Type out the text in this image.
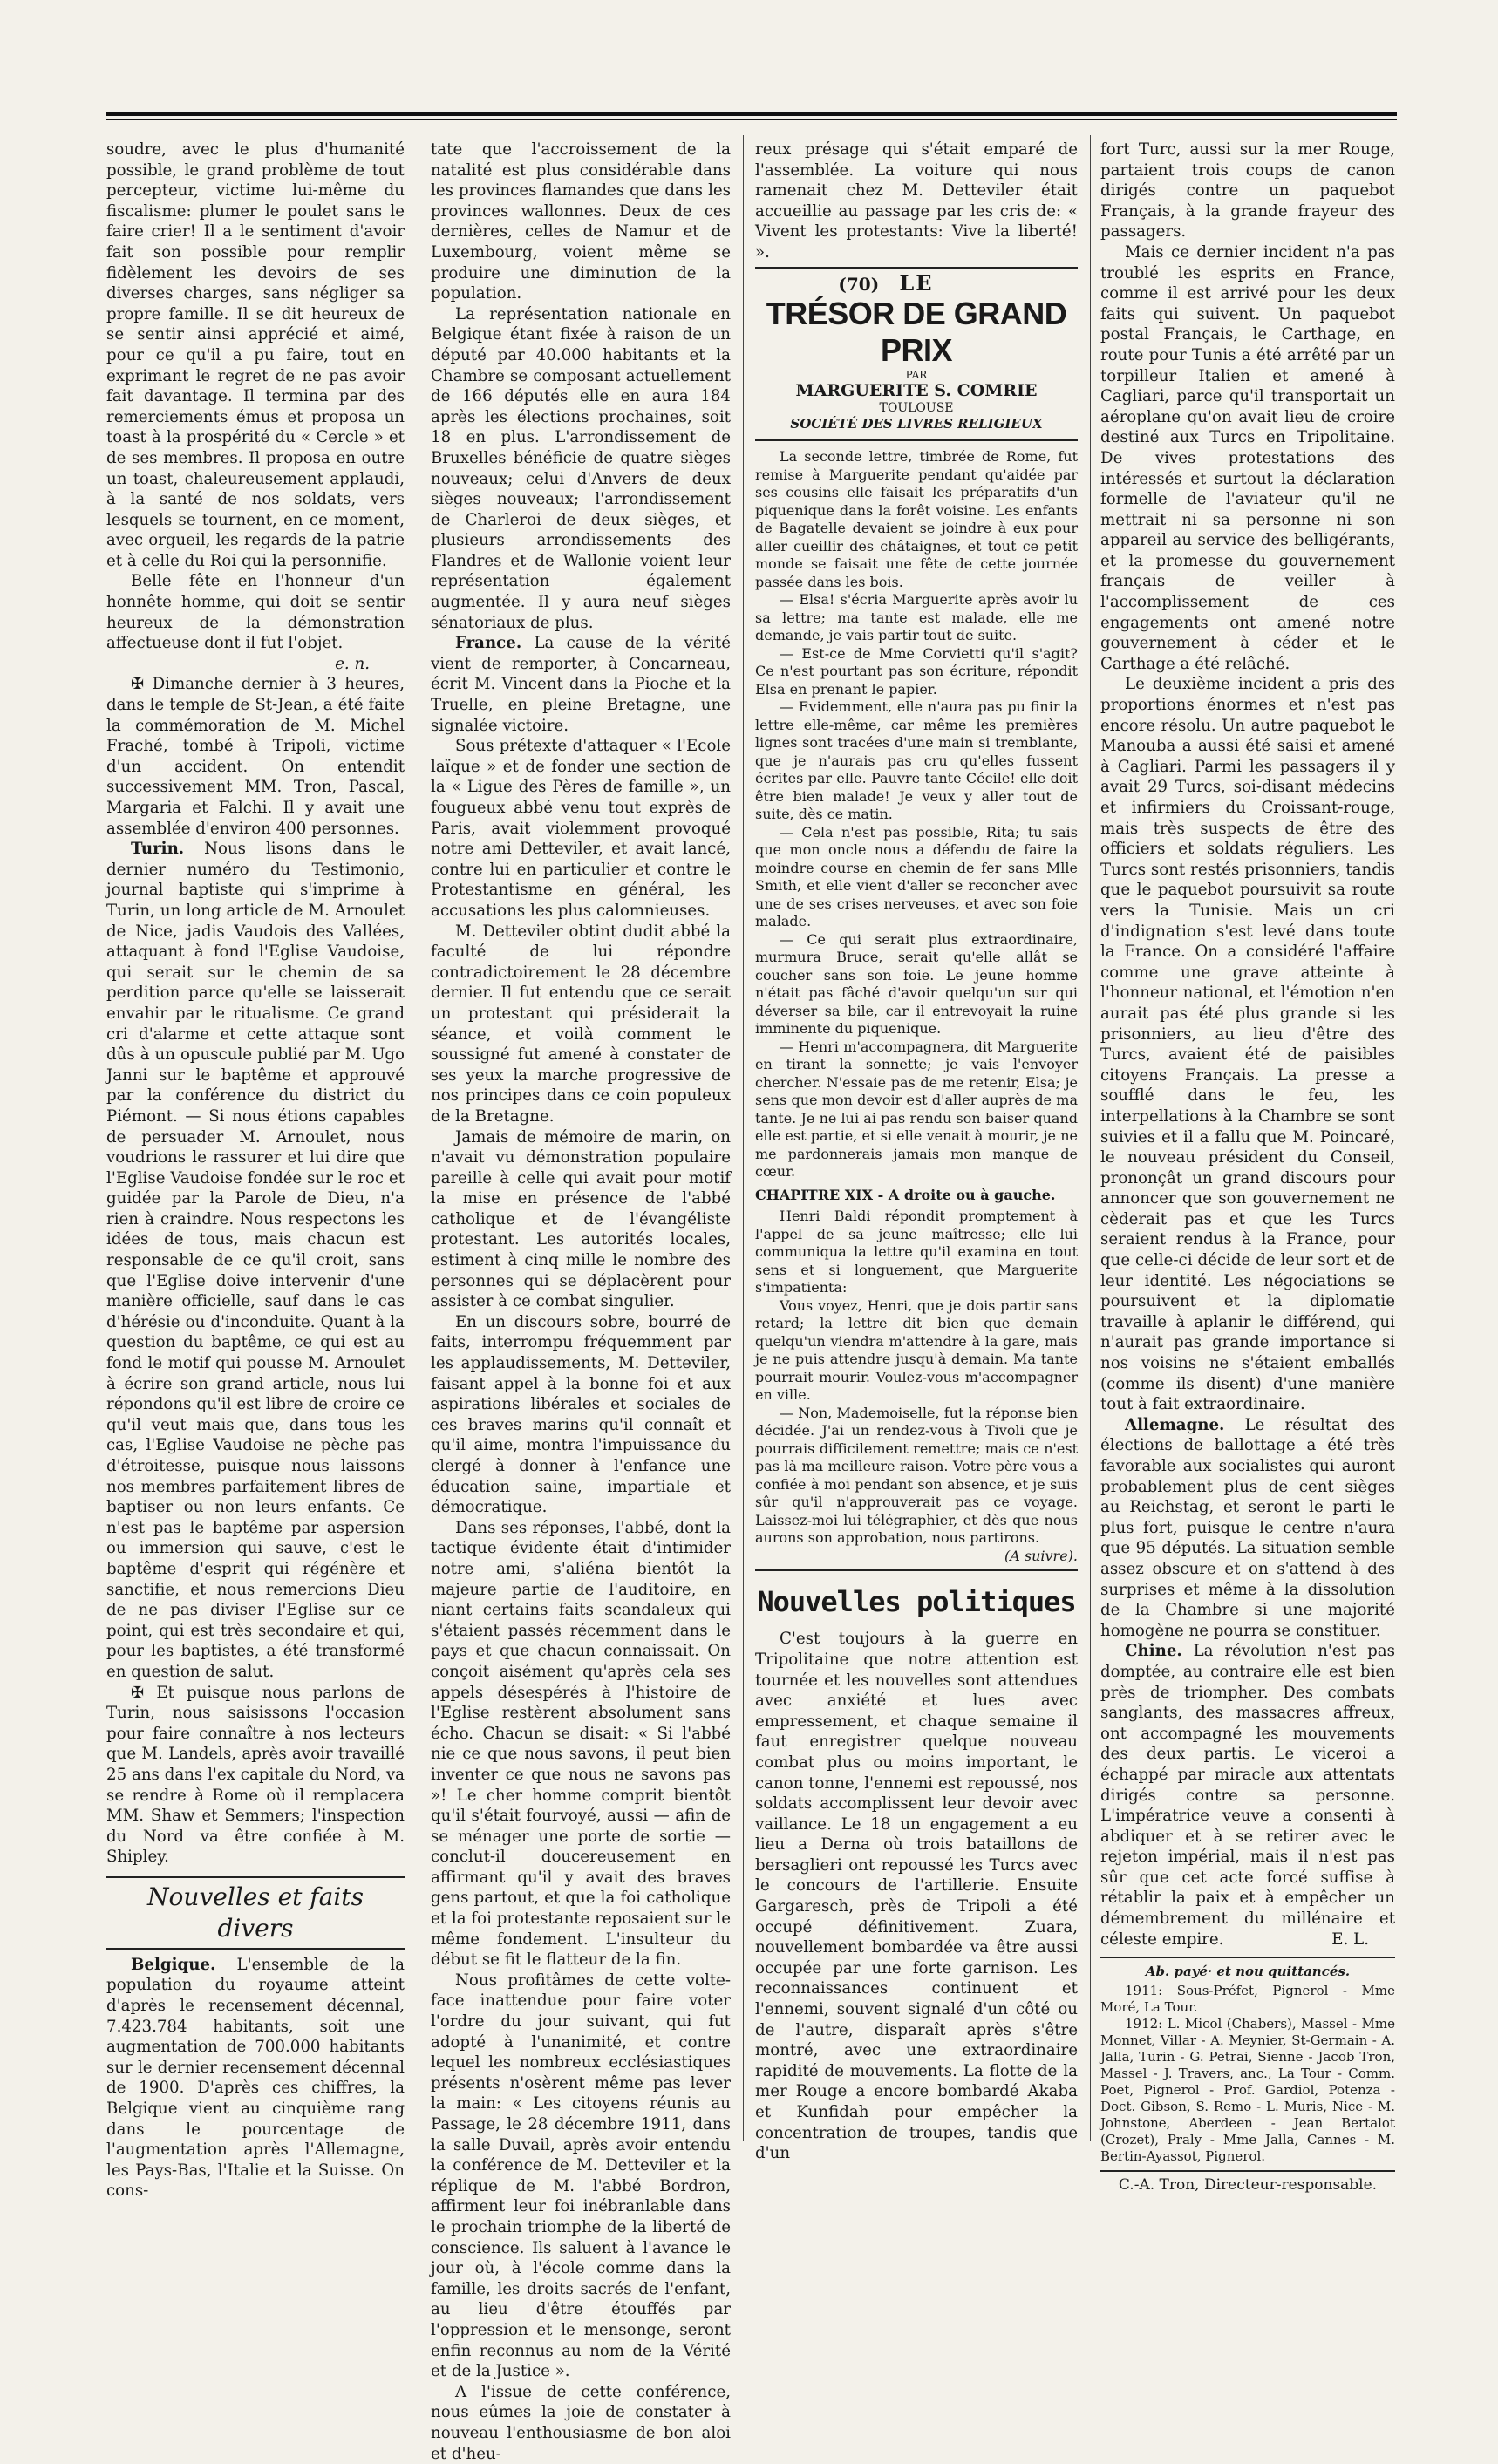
soudre, avec le plus d'humanité possible, le grand problème de tout percepteur, victime lui-même du fiscalisme: plumer le poulet sans le faire crier! Il a le sentiment d'avoir fait son possible pour remplir fidèlement les devoirs de ses diverses charges, sans négliger sa propre famille. Il se dit heureux de se sentir ainsi apprécié et aimé, pour ce qu'il a pu faire, tout en exprimant le regret de ne pas avoir fait davantage. Il termina par des remerciements émus et proposa un toast à la prospérité du « Cercle » et de ses membres. Il proposa en outre un toast, chaleureusement applaudi, à la santé de nos soldats, vers lesquels se tournent, en ce moment, avec orgueil, les regards de la patrie et à celle du Roi qui la personnifie.

Belle fête en l'honneur d'un honnête homme, qui doit se sentir heureux de la démonstration affectueuse dont il fut l'objet.
e. n.

✠ Dimanche dernier à 3 heures, dans le temple de St-Jean, a été faite la commémoration de M. Michel Fraché, tombé à Tripoli, victime d'un accident. On entendit successivement MM. Tron, Pascal, Margaria et Falchi. Il y avait une assemblée d'environ 400 personnes.

Turin. Nous lisons dans le dernier numéro du Testimonio, journal baptiste qui s'imprime à Turin, un long article de M. Arnoulet de Nice, jadis Vaudois des Vallées, attaquant à fond l'Eglise Vaudoise, qui serait sur le chemin de sa perdition parce qu'elle se laisserait envahir par le ritualisme. Ce grand cri d'alarme et cette attaque sont dûs à un opuscule publié par M. Ugo Janni sur le baptême et approuvé par la conférence du district du Piémont. — Si nous étions capables de persuader M. Arnoulet, nous voudrions le rassurer et lui dire que l'Eglise Vaudoise fondée sur le roc et guidée par la Parole de Dieu, n'a rien à craindre. Nous respectons les idées de tous, mais chacun est responsable de ce qu'il croit, sans que l'Eglise doive intervenir d'une manière officielle, sauf dans le cas d'hérésie ou d'inconduite. Quant à la question du baptême, ce qui est au fond le motif qui pousse M. Arnoulet à écrire son grand article, nous lui répondons qu'il est libre de croire ce qu'il veut mais que, dans tous les cas, l'Eglise Vaudoise ne pèche pas d'étroitesse, puisque nous laissons nos membres parfaitement libres de baptiser ou non leurs enfants. Ce n'est pas le baptême par aspersion ou immersion qui sauve, c'est le baptême d'esprit qui régénère et sanctifie, et nous remercions Dieu de ne pas diviser l'Eglise sur ce point, qui est très secondaire et qui, pour les baptistes, a été transformé en question de salut.

✠ Et puisque nous parlons de Turin, nous saisissons l'occasion pour faire connaître à nos lecteurs que M. Landels, après avoir travaillé 25 ans dans l'ex capitale du Nord, va se rendre à Rome où il remplacera MM. Shaw et Semmers; l'inspection du Nord va être confiée à M. Shipley.

Nouvelles et faits divers

Belgique. L'ensemble de la population du royaume atteint d'après le recensement décennal, 7.423.784 habitants, soit une augmentation de 700.000 habitants sur le dernier recensement décennal de 1900. D'après ces chiffres, la Belgique vient au cinquième rang dans le pourcentage de l'augmentation après l'Allemagne, les Pays-Bas, l'Italie et la Suisse. On cons-

tate que l'accroissement de la natalité est plus considérable dans les provinces flamandes que dans les provinces wallonnes. Deux de ces dernières, celles de Namur et de Luxembourg, voient même se produire une diminution de la population.

La représentation nationale en Belgique étant fixée à raison de un député par 40.000 habitants et la Chambre se composant actuellement de 166 députés elle en aura 184 après les élections prochaines, soit 18 en plus. L'arrondissement de Bruxelles bénéficie de quatre sièges nouveaux; celui d'Anvers de deux sièges nouveaux; l'arrondissement de Charleroi de deux sièges, et plusieurs arrondissements des Flandres et de Wallonie voient leur représentation également augmentée. Il y aura neuf sièges sénatoriaux de plus.

France. La cause de la vérité vient de remporter, à Concarneau, écrit M. Vincent dans la Pioche et la Truelle, en pleine Bretagne, une signalée victoire.

Sous prétexte d'attaquer « l'Ecole laïque » et de fonder une section de la « Ligue des Pères de famille », un fougueux abbé venu tout exprès de Paris, avait violemment provoqué notre ami Detteviler, et avait lancé, contre lui en particulier et contre le Protestantisme en général, les accusations les plus calomnieuses.

M. Detteviler obtint dudit abbé la faculté de lui répondre contradictoirement le 28 décembre dernier. Il fut entendu que ce serait un protestant qui présiderait la séance, et voilà comment le soussigné fut amené à constater de ses yeux la marche progressive de nos principes dans ce coin populeux de la Bretagne.

Jamais de mémoire de marin, on n'avait vu démonstration populaire pareille à celle qui avait pour motif la mise en présence de l'abbé catholique et de l'évangéliste protestant. Les autorités locales, estiment à cinq mille le nombre des personnes qui se déplacèrent pour assister à ce combat singulier.

En un discours sobre, bourré de faits, interrompu fréquemment par les applaudissements, M. Detteviler, faisant appel à la bonne foi et aux aspirations libérales et sociales de ces braves marins qu'il connaît et qu'il aime, montra l'impuissance du clergé à donner à l'enfance une éducation saine, impartiale et démocratique.

Dans ses réponses, l'abbé, dont la tactique évidente était d'intimider notre ami, s'aliéna bientôt la majeure partie de l'auditoire, en niant certains faits scandaleux qui s'étaient passés récemment dans le pays et que chacun connaissait. On conçoit aisément qu'après cela ses appels désespérés à l'histoire de l'Eglise restèrent absolument sans écho. Chacun se disait: « Si l'abbé nie ce que nous savons, il peut bien inventer ce que nous ne savons pas »! Le cher homme comprit bientôt qu'il s'était fourvoyé, aussi — afin de se ménager une porte de sortie — conclut-il doucereusement en affirmant qu'il y avait des braves gens partout, et que la foi catholique et la foi protestante reposaient sur le même fondement. L'insulteur du début se fit le flatteur de la fin.

Nous profitâmes de cette volte-face inattendue pour faire voter l'ordre du jour suivant, qui fut adopté à l'unanimité, et contre lequel les nombreux ecclésiastiques présents n'osèrent même pas lever la main: « Les citoyens réunis au Passage, le 28 décembre 1911, dans la salle Duvail, après avoir entendu la conférence de M. Detteviler et la réplique de M. l'abbé Bordron, affirment leur foi inébranlable dans le prochain triomphe de la liberté de conscience. Ils saluent à l'avance le jour où, à l'école comme dans la famille, les droits sacrés de l'enfant, au lieu d'être étouffés par l'oppression et le mensonge, seront enfin reconnus au nom de la Vérité et de la Justice ».

A l'issue de cette conférence, nous eûmes la joie de constater à nouveau l'enthousiasme de bon aloi et d'heu-

reux présage qui s'était emparé de l'assemblée. La voiture qui nous ramenait chez M. Detteviler était accueillie au passage par les cris de: « Vivent les protestants: Vive la liberté! ».

(70) LE
TRÉSOR DE GRAND PRIX
PAR
MARGUERITE S. COMRIE
TOULOUSE
SOCIÉTÉ DES LIVRES RELIGIEUX

La seconde lettre, timbrée de Rome, fut remise à Marguerite pendant qu'aidée par ses cousins elle faisait les préparatifs d'un piquenique dans la forêt voisine. Les enfants de Bagatelle devaient se joindre à eux pour aller cueillir des châtaignes, et tout ce petit monde se faisait une fête de cette journée passée dans les bois.

— Elsa! s'écria Marguerite après avoir lu sa lettre; ma tante est malade, elle me demande, je vais partir tout de suite.

— Est-ce de Mme Corvietti qu'il s'agit? Ce n'est pourtant pas son écriture, répondit Elsa en prenant le papier.

— Evidemment, elle n'aura pas pu finir la lettre elle-même, car même les premières lignes sont tracées d'une main si tremblante, que je n'aurais pas cru qu'elles fussent écrites par elle. Pauvre tante Cécile! elle doit être bien malade! Je veux y aller tout de suite, dès ce matin.

— Cela n'est pas possible, Rita; tu sais que mon oncle nous a défendu de faire la moindre course en chemin de fer sans Mlle Smith, et elle vient d'aller se reconcher avec une de ses crises nerveuses, et avec son foie malade.

— Ce qui serait plus extraordinaire, murmura Bruce, serait qu'elle allât se coucher sans son foie. Le jeune homme n'était pas fâché d'avoir quelqu'un sur qui déverser sa bile, car il entrevoyait la ruine imminente du piquenique.

— Henri m'accompagnera, dit Marguerite en tirant la sonnette; je vais l'envoyer chercher. N'essaie pas de me retenir, Elsa; je sens que mon devoir est d'aller auprès de ma tante. Je ne lui ai pas rendu son baiser quand elle est partie, et si elle venait à mourir, je ne me pardonnerais jamais mon manque de cœur.

CHAPITRE XIX - A droite ou à gauche.

Henri Baldi répondit promptement à l'appel de sa jeune maîtresse; elle lui communiqua la lettre qu'il examina en tout sens et si longuement, que Marguerite s'impatienta:

Vous voyez, Henri, que je dois partir sans retard; la lettre dit bien que demain quelqu'un viendra m'attendre à la gare, mais je ne puis attendre jusqu'à demain. Ma tante pourrait mourir. Voulez-vous m'accompagner en ville.

— Non, Mademoiselle, fut la réponse bien décidée. J'ai un rendez-vous à Tivoli que je pourrais difficilement remettre; mais ce n'est pas là ma meilleure raison. Votre père vous a confiée à moi pendant son absence, et je suis sûr qu'il n'approuverait pas ce voyage. Laissez-moi lui télégraphier, et dès que nous aurons son approbation, nous partirons.

(A suivre).
Nouvelles politiques

C'est toujours à la guerre en Tripolitaine que notre attention est tournée et les nouvelles sont attendues avec anxiété et lues avec empressement, et chaque semaine il faut enregistrer quelque nouveau combat plus ou moins important, le canon tonne, l'ennemi est repoussé, nos soldats accomplissent leur devoir avec vaillance. Le 18 un engagement a eu lieu a Derna où trois bataillons de bersaglieri ont repoussé les Turcs avec le concours de l'artillerie. Ensuite Gargaresch, près de Tripoli a été occupé définitivement. Zuara, nouvellement bombardée va être aussi occupée par une forte garnison. Les reconnaissances continuent et l'ennemi, souvent signalé d'un côté ou de l'autre, disparaît après s'être montré, avec une extraordinaire rapidité de mouvements. La flotte de la mer Rouge a encore bombardé Akaba et Kunfidah pour empêcher la concentration de troupes, tandis que d'un

fort Turc, aussi sur la mer Rouge, partaient trois coups de canon dirigés contre un paquebot Français, à la grande frayeur des passagers.

Mais ce dernier incident n'a pas troublé les esprits en France, comme il est arrivé pour les deux faits qui suivent. Un paquebot postal Français, le Carthage, en route pour Tunis a été arrêté par un torpilleur Italien et amené à Cagliari, parce qu'il transportait un aéroplane qu'on avait lieu de croire destiné aux Turcs en Tripolitaine. De vives protestations des intéressés et surtout la déclaration formelle de l'aviateur qu'il ne mettrait ni sa personne ni son appareil au service des belligérants, et la promesse du gouvernement français de veiller à l'accomplissement de ces engagements ont amené notre gouvernement à céder et le Carthage a été relâché.

Le deuxième incident a pris des proportions énormes et n'est pas encore résolu. Un autre paquebot le Manouba a aussi été saisi et amené à Cagliari. Parmi les passagers il y avait 29 Turcs, soi-disant médecins et infirmiers du Croissant-rouge, mais très suspects de être des officiers et soldats réguliers. Les Turcs sont restés prisonniers, tandis que le paquebot poursuivit sa route vers la Tunisie. Mais un cri d'indignation s'est levé dans toute la France. On a considéré l'affaire comme une grave atteinte à l'honneur national, et l'émotion n'en aurait pas été plus grande si les prisonniers, au lieu d'être des Turcs, avaient été de paisibles citoyens Français. La presse a soufflé dans le feu, les interpellations à la Chambre se sont suivies et il a fallu que M. Poincaré, le nouveau président du Conseil, prononçât un grand discours pour annoncer que son gouvernement ne cèderait pas et que les Turcs seraient rendus à la France, pour que celle-ci décide de leur sort et de leur identité. Les négociations se poursuivent et la diplomatie travaille à aplanir le différend, qui n'aurait pas grande importance si nos voisins ne s'étaient emballés (comme ils disent) d'une manière tout à fait extraordinaire.

Allemagne. Le résultat des élections de ballottage a été très favorable aux socialistes qui auront probablement plus de cent sièges au Reichstag, et seront le parti le plus fort, puisque le centre n'aura que 95 députés. La situation semble assez obscure et on s'attend à des surprises et même à la dissolution de la Chambre si une majorité homogène ne pourra se constituer.

Chine. La révolution n'est pas domptée, au contraire elle est bien près de triompher. Des combats sanglants, des massacres affreux, ont accompagné les mouvements des deux partis. Le viceroi a échappé par miracle aux attentats dirigés contre sa personne. L'impératrice veuve a consenti à abdiquer et à se retirer avec le rejeton impérial, mais il n'est pas sûr que cet acte forcé suffise à rétablir la paix et à empêcher un démembrement du millénaire et céleste empire.	E. L.

Ab. payé· et nou quittancés.

1911: Sous-Préfet, Pignerol - Mme Moré, La Tour.

1912: L. Micol (Chabers), Massel - Mme Monnet, Villar - A. Meynier, St-Germain - A. Jalla, Turin - G. Petrai, Sienne - Jacob Tron, Massel - J. Travers, anc., La Tour - Comm. Poet, Pignerol - Prof. Gardiol, Potenza - Doct. Gibson, S. Remo - L. Muris, Nice - M. Johnstone, Aberdeen - Jean Bertalot (Crozet), Praly - Mme Jalla, Cannes - M. Bertin-Ayassot, Pignerol.

C.-A. Tron, Directeur-responsable.
